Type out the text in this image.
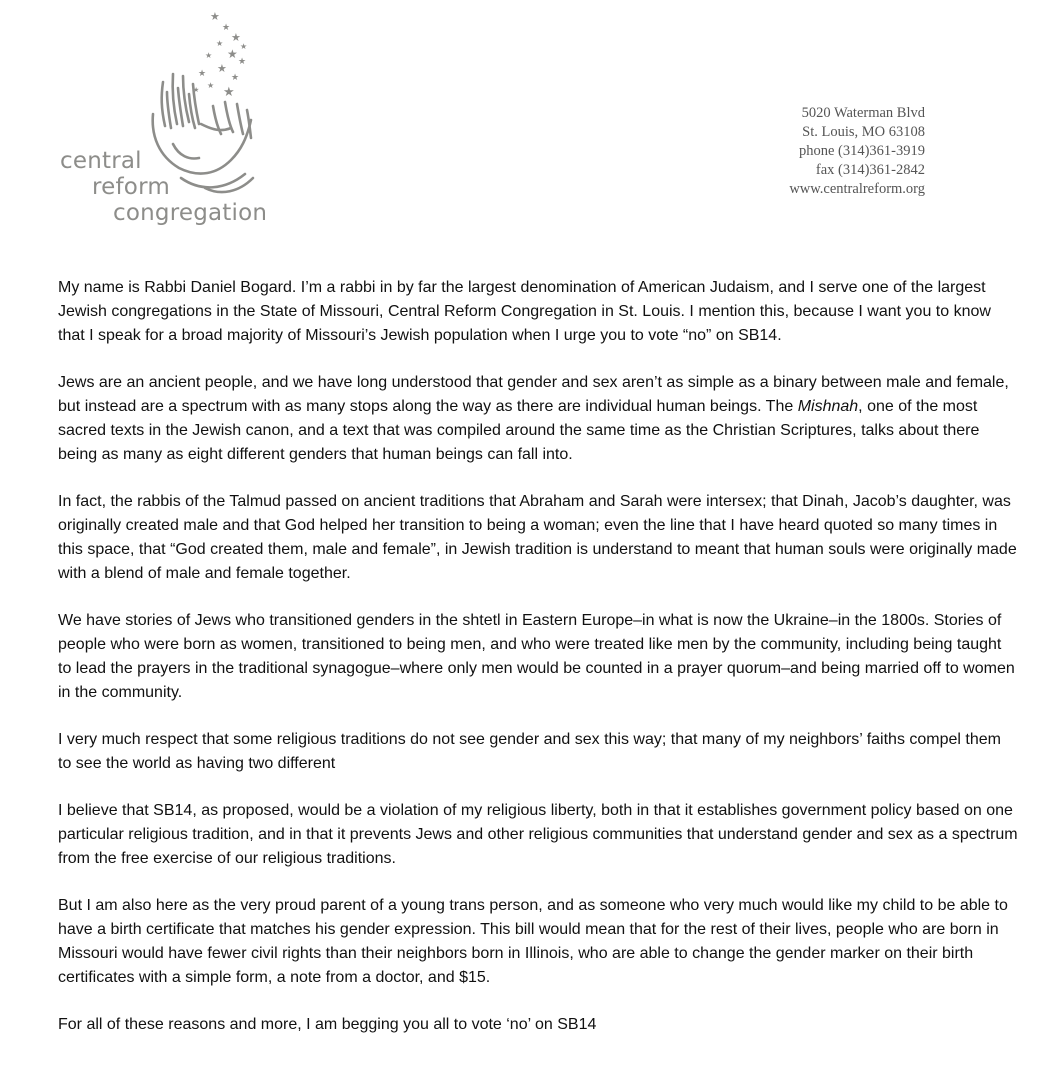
★
★
★
★
★
★
★
★
★
★
★
★ ★
★
central
reform
congregation
5020 Waterman Blvd
St. Louis, MO 63108
phone (314)361-3919
fax (314)361-2842
www.centralreform.org

My name is Rabbi Daniel Bogard. I’m a rabbi in by far the largest denomination of American Judaism, and I serve one of the largest Jewish congregations in the State of Missouri, Central Reform Congregation in St. Louis. I mention this, because I want you to know that I speak for a broad majority of Missouri’s Jewish population when I urge you to vote “no” on SB14.

Jews are an ancient people, and we have long understood that gender and sex aren’t as simple as a binary between male and female, but instead are a spectrum with as many stops along the way as there are individual human beings. The Mishnah, one of the most sacred texts in the Jewish canon, and a text that was compiled around the same time as the Christian Scriptures, talks about there being as many as eight different genders that human beings can fall into.

In fact, the rabbis of the Talmud passed on ancient traditions that Abraham and Sarah were intersex; that Dinah, Jacob’s daughter, was originally created male and that God helped her transition to being a woman; even the line that I have heard quoted so many times in this space, that “God created them, male and female”, in Jewish tradition is understand to meant that human souls were originally made with a blend of male and female together.

We have stories of Jews who transitioned genders in the shtetl in Eastern Europe–in what is now the Ukraine–in the 1800s. Stories of people who were born as women, transitioned to being men, and who were treated like men by the community, including being taught to lead the prayers in the traditional synagogue–where only men would be counted in a prayer quorum–and being married off to women in the community.

I very much respect that some religious traditions do not see gender and sex this way; that many of my neighbors’ faiths compel them to see the world as having two different

I believe that SB14, as proposed, would be a violation of my religious liberty, both in that it establishes government policy based on one particular religious tradition, and in that it prevents Jews and other religious communities that understand gender and sex as a spectrum from the free exercise of our religious traditions.

But I am also here as the very proud parent of a young trans person, and as someone who very much would like my child to be able to have a birth certificate that matches his gender expression. This bill would mean that for the rest of their lives, people who are born in Missouri would have fewer civil rights than their neighbors born in Illinois, who are able to change the gender marker on their birth certificates with a simple form, a note from a doctor, and $15.

For all of these reasons and more, I am begging you all to vote ‘no’ on SB14
